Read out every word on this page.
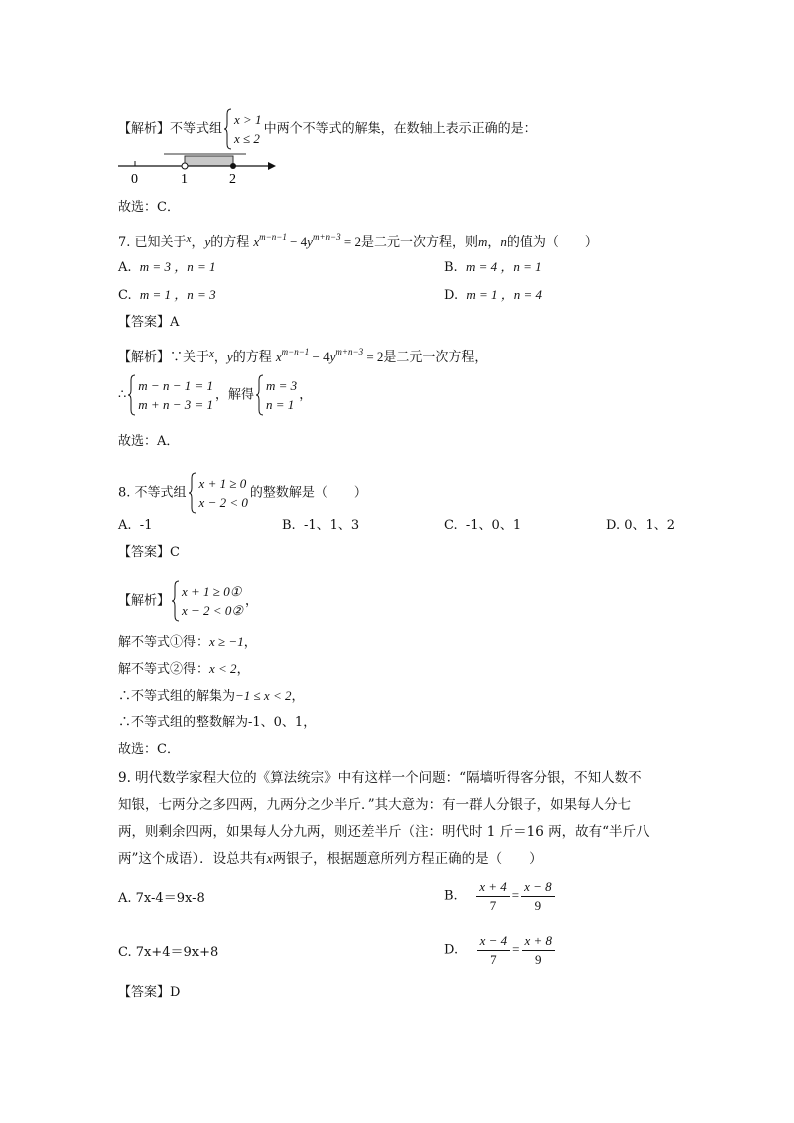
【解析】不等式组
x > 1
x ≤ 2
中两个不等式的解集，在数轴上表示正确的是：
0	1	2
故选：C．
7. 已知关于$^x$，y的方程 $x^{m-n-1} - 4y^{m+n-3} = 2$是二元一次方程，则m，n的值为（　　）
A. m = 3 ，n = 1	B. m = 4 ，n = 1
C. m = 1 ，n = 3	D. m = 1 ，n = 4
【答案】A
【解析】∵关于$^x$，y的方程 $x^{m-n-1} - 4y^{m+n-3} = 2$是二元一次方程，
∴
m − n − 1 = 1
m + n − 3 = 1
，解得
m = 3
n = 1
，
故选：A．
8. 不等式组
x + 1 ≥ 0
x − 2 < 0
的整数解是（　　）
A. -1	B. -1、1、3	C. -1、0、1	D. 0、1、2
【答案】C
【解析】
x + 1 ≥ 0①
x − 2 < 0②
，
解不等式①得：x ≥ −1，
解不等式②得：x < 2，
∴不等式组的解集为−1 ≤ x < 2，
∴不等式组的整数解为-1、0、1，
故选：C．
9. 明代数学家程大位的《算法统宗》中有这样一个问题：“隔墙听得客分银，不知人数不
知银，七两分之多四两，九两分之少半斤．”其大意为：有一群人分银子，如果每人分七
两，则剩余四两，如果每人分九两，则还差半斤（注：明代时 1 斤＝16 两，故有“半斤八
两”这个成语）．设总共有x两银子，根据题意所列方程正确的是（　　）
A. 7x-4＝9x-8	B. $\frac{x + 4}{7} = \frac{x - 8}{9}$
C. 7x+4＝9x+8	D. $\frac{x - 4}{7} = \frac{x + 8}{9}$
【答案】D
